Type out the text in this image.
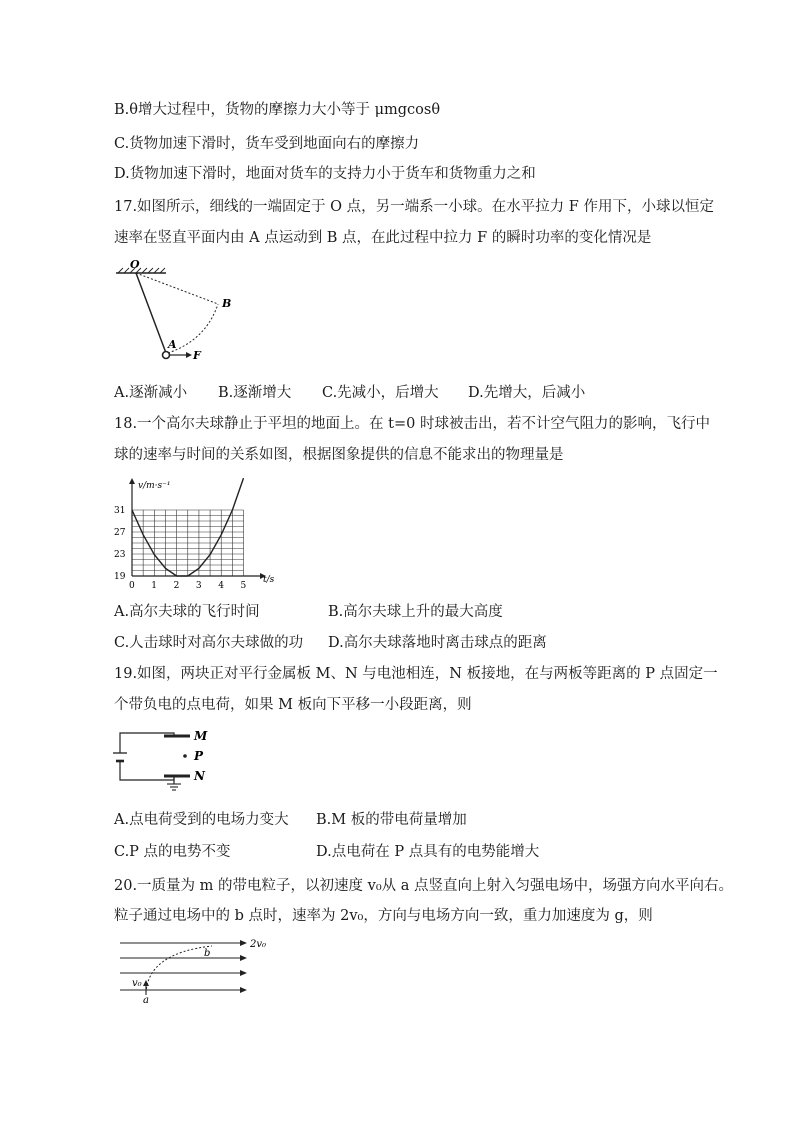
B.θ增大过程中，货物的摩擦力大小等于 μmgcosθ
C.货物加速下滑时，货车受到地面向右的摩擦力
D.货物加速下滑时，地面对货车的支持力小于货车和货物重力之和
17.如图所示，细线的一端固定于 O 点，另一端系一小球。在水平拉力 F 作用下，小球以恒定
速率在竖直平面内由 A 点运动到 B 点，在此过程中拉力 F 的瞬时功率的变化情况是
O
A
B
F
A.逐渐减小 B.逐渐增大 C.先减小，后增大 D.先增大，后减小
18.一个高尔夫球静止于平坦的地面上。在 t=0 时球被击出，若不计空气阻力的影响，飞行中
球的速率与时间的关系如图，根据图象提供的信息不能求出的物理量是
0 1 2 3 4 5
19
23
27
31
v/m·s⁻¹
t/s
A.高尔夫球的飞行时间	B.高尔夫球上升的最大高度
C.人击球时对高尔夫球做的功 D.高尔夫球落地时离击球点的距离
19.如图，两块正对平行金属板 M、N 与电池相连，N 板接地，在与两板等距离的 P 点固定一
个带负电的点电荷，如果 M 板向下平移一小段距离，则
M
P
N
A.点电荷受到的电场力变大 B.M 板的带电荷量增加
C.P 点的电势不变	D.点电荷在 P 点具有的电势能增大
20.一质量为 m 的带电粒子，以初速度 v₀从 a 点竖直向上射入匀强电场中，场强方向水平向右。
粒子通过电场中的 b 点时，速率为 2v₀，方向与电场方向一致，重力加速度为 g，则
2v₀
b
v₀
a
